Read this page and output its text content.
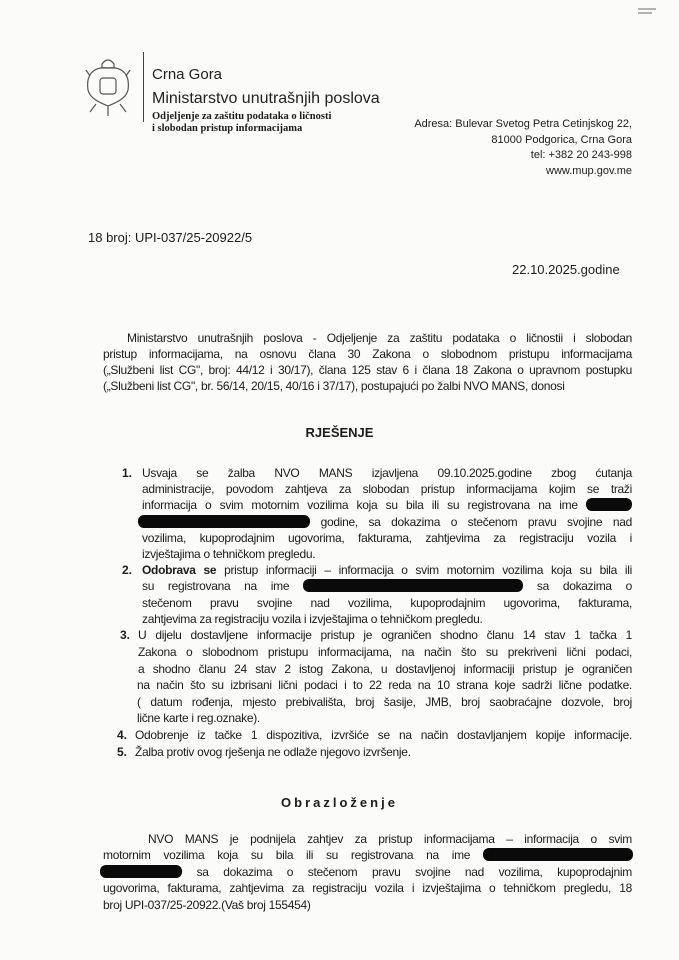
Crna Gora
Ministarstvo unutrašnjih poslova
Odjeljenje za zaštitu podataka o ličnosti
i slobodan pristup informacijama	Adresa: Bulevar Svetog Petra Cetinjskog 22,
81000 Podgorica, Crna Gora
tel: +382 20 243-998
www.mup.gov.me
18 broj: UPI-037/25-20922/5
22.10.2025.godine
Ministarstvo unutrašnjih poslova - Odjeljenje za zaštitu podataka o ličnostii i slobodan
pristup informacijama, na osnovu člana 30 Zakona o slobodnom pristupu informacijama
(„Službeni list CG", broj: 44/12 i 30/17), člana 125 stav 6 i člana 18 Zakona o upravnom postupku
(„Službeni list CG", br. 56/14, 20/15, 40/16 i 37/17), postupajući po žalbi NVO MANS, donosi
RJEŠENJE
1. Usvaja se žalba NVO MANS izjavljena 09.10.2025.godine zbog ćutanja
administracije, povodom zahtjeva za slobodan pristup informacijama kojim se traži
informacija o svim motornim vozilima koja su bila ili su registrovana na ime
godine, sa dokazima o stečenom pravu svojine nad
vozilima, kupoprodajnim ugovorima, fakturama, zahtjevima za registraciju vozila i
izvještajima o tehničkom pregledu.
2. Odobrava se pristup informaciji – informacija o svim motornim vozilima koja su bila ili
su registrovana na ime	sa dokazima o
stečenom pravu svojine nad vozilima, kupoprodajnim ugovorima, fakturama,
zahtjevima za registraciju vozila i izvještajima o tehničkom pregledu.
3. U dijelu dostavljene informacije pristup je ograničen shodno članu 14 stav 1 tačka 1
Zakona o slobodnom pristupu informacijama, na način što su prekriveni lični podaci,
a shodno članu 24 stav 2 istog Zakona, u dostavljenoj informaciji pristup je ograničen
na način što su izbrisani lični podaci i to 22 reda na 10 strana koje sadrži lične podatke.
( datum rođenja, mjesto prebivališta, broj šasije, JMB, broj saobraćajne dozvole, broj
lične karte i reg.oznake).
4. Odobrenje iz tačke 1 dispozitiva, izvršiće se na način dostavljanjem kopije informacije.
5. Žalba protiv ovog rješenja ne odlaže njegovo izvršenje.
Obrazloženje
NVO MANS je podnijela zahtjev za pristup informacijama – informacija o svim
motornim vozilima koja su bila ili su registrovana na ime
sa dokazima o stečenom pravu svojine nad vozilima, kupoprodajnim
ugovorima, fakturama, zahtjevima za registraciju vozila i izvještajima o tehničkom pregledu, 18
broj UPI-037/25-20922.(Vaš broj 155454)
